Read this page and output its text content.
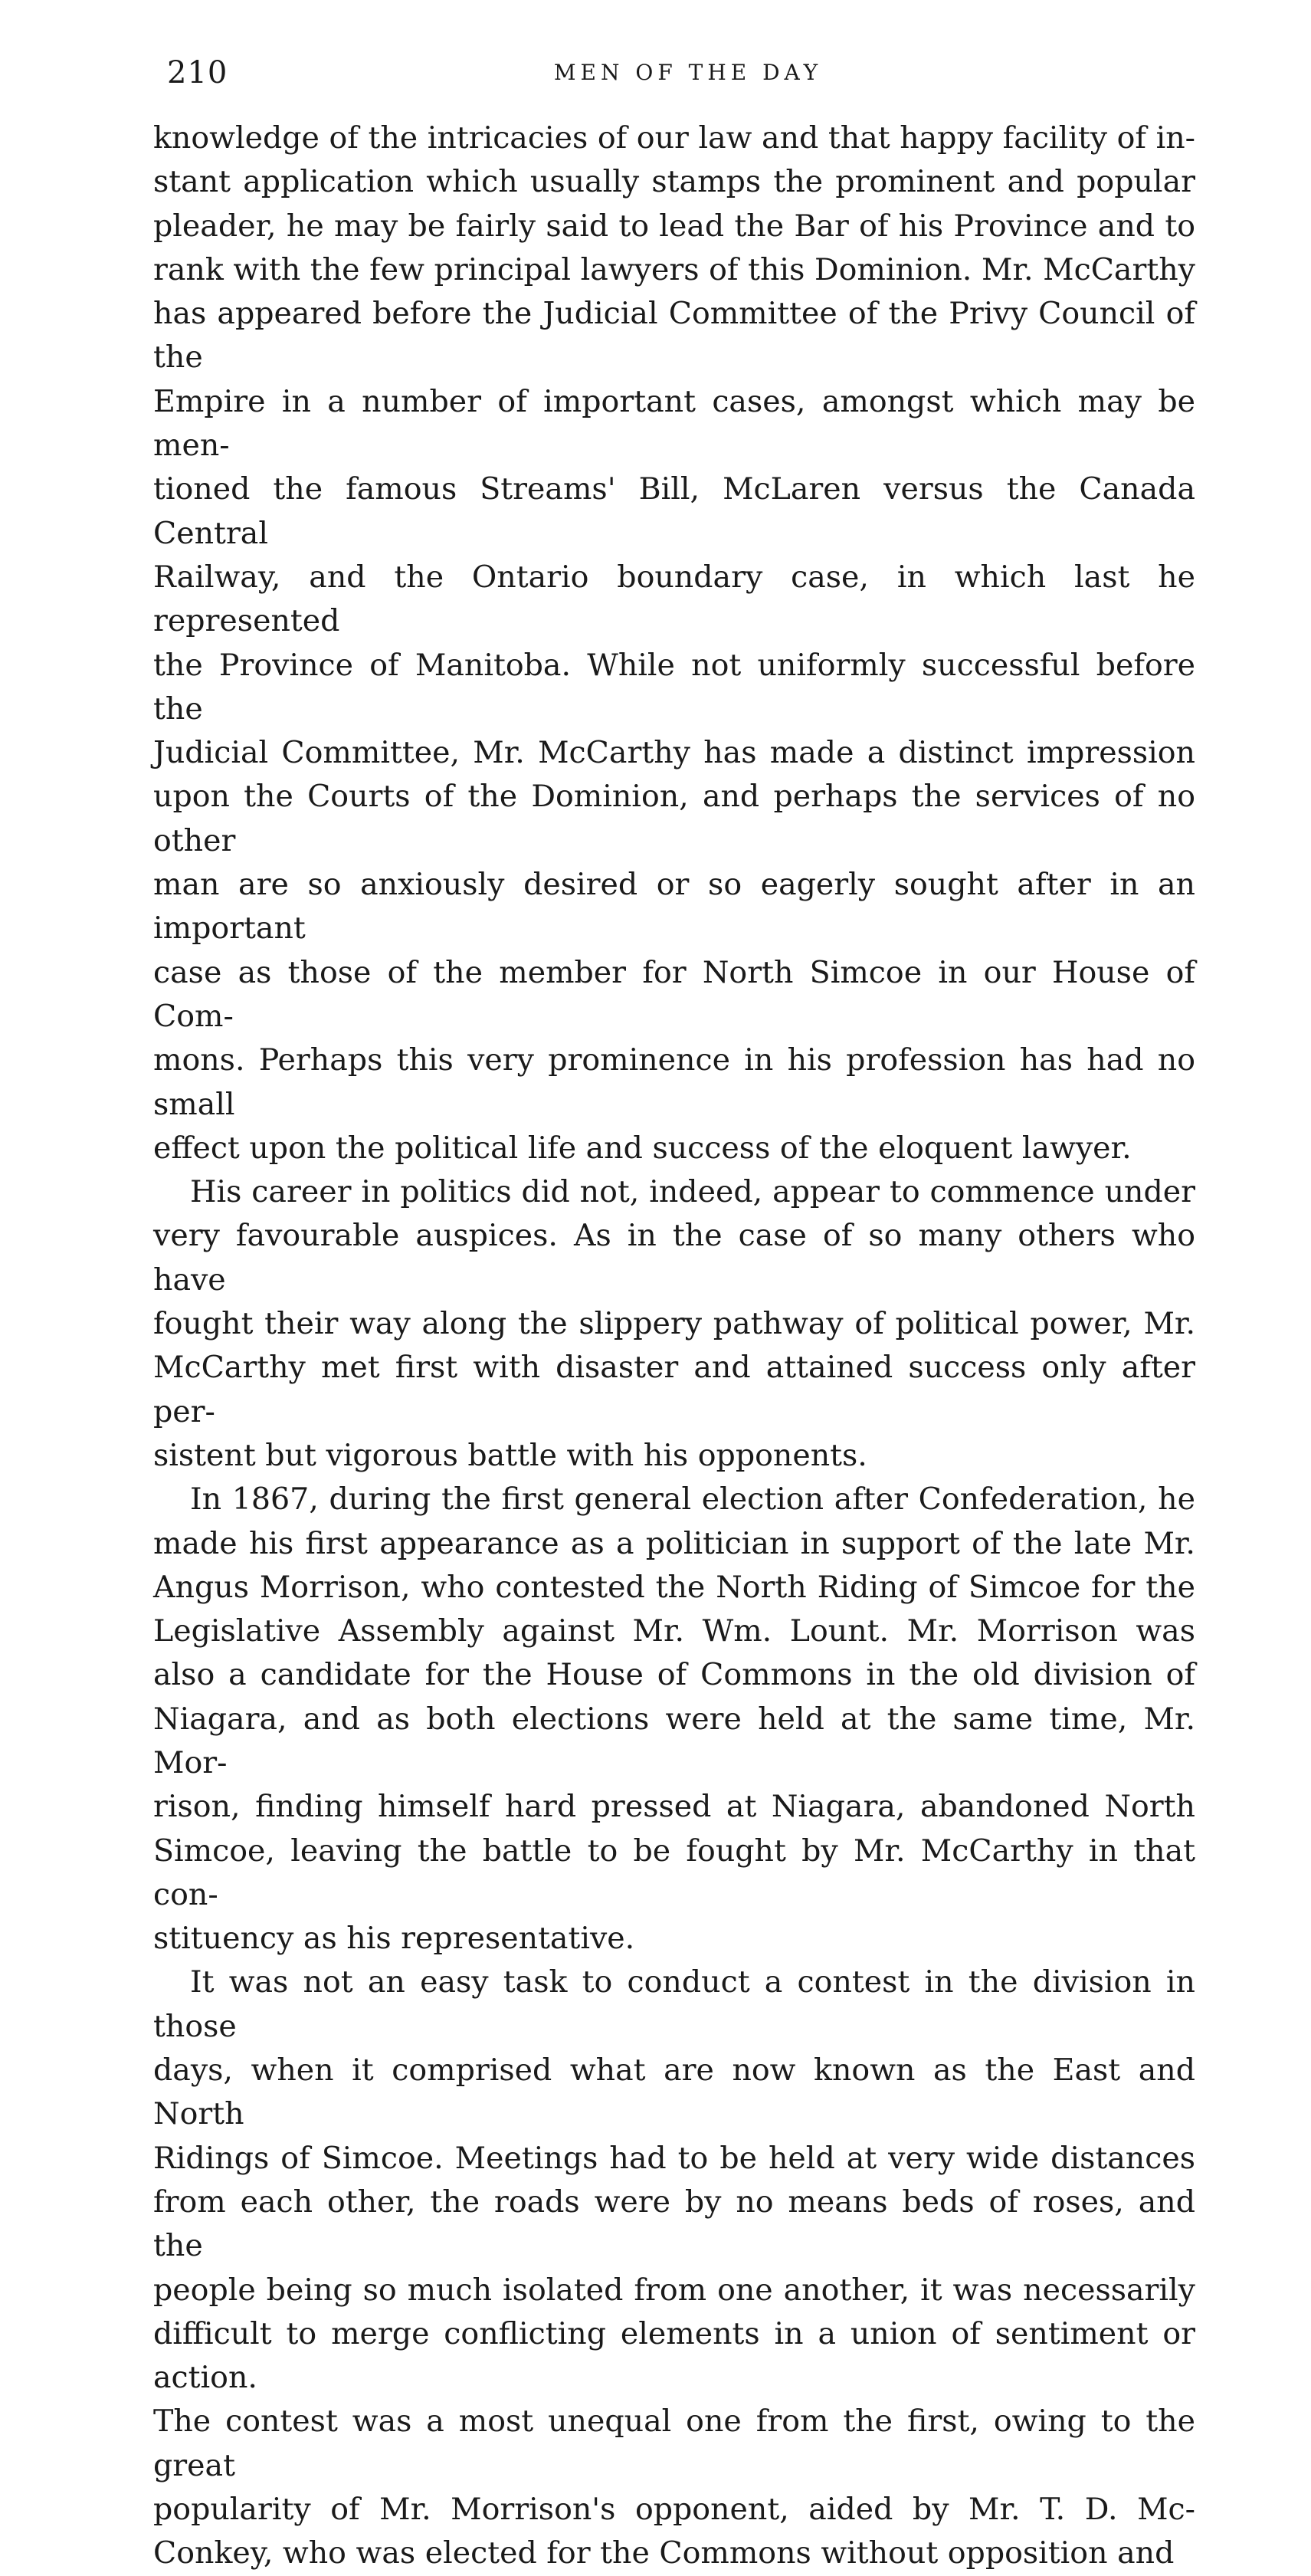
210	MEN OF THE DAY

knowledge of the intricacies of our law and that happy facility of in-
stant application which usually stamps the prominent and popular
pleader, he may be fairly said to lead the Bar of his Province and to
rank with the few principal lawyers of this Dominion. Mr. McCarthy
has appeared before the Judicial Committee of the Privy Council of the
Empire in a number of important cases, amongst which may be men-
tioned the famous Streams' Bill, McLaren versus the Canada Central
Railway, and the Ontario boundary case, in which last he represented
the Province of Manitoba. While not uniformly successful before the
Judicial Committee, Mr. McCarthy has made a distinct impression
upon the Courts of the Dominion, and perhaps the services of no other
man are so anxiously desired or so eagerly sought after in an important
case as those of the member for North Simcoe in our House of Com-
mons. Perhaps this very prominence in his profession has had no small
effect upon the political life and success of the eloquent lawyer.

His career in politics did not, indeed, appear to commence under
very favourable auspices. As in the case of so many others who have
fought their way along the slippery pathway of political power, Mr.
McCarthy met first with disaster and attained success only after per-
sistent but vigorous battle with his opponents.

In 1867, during the first general election after Confederation, he
made his first appearance as a politician in support of the late Mr.
Angus Morrison, who contested the North Riding of Simcoe for the
Legislative Assembly against Mr. Wm. Lount. Mr. Morrison was
also a candidate for the House of Commons in the old division of
Niagara, and as both elections were held at the same time, Mr. Mor-
rison, finding himself hard pressed at Niagara, abandoned North
Simcoe, leaving the battle to be fought by Mr. McCarthy in that con-
stituency as his representative.

It was not an easy task to conduct a contest in the division in those
days, when it comprised what are now known as the East and North
Ridings of Simcoe. Meetings had to be held at very wide distances
from each other, the roads were by no means beds of roses, and the
people being so much isolated from one another, it was necessarily
difficult to merge conflicting elements in a union of sentiment or action.
The contest was a most unequal one from the first, owing to the great
popularity of Mr. Morrison's opponent, aided by Mr. T. D. Mc-
Conkey, who was elected for the Commons without opposition and
